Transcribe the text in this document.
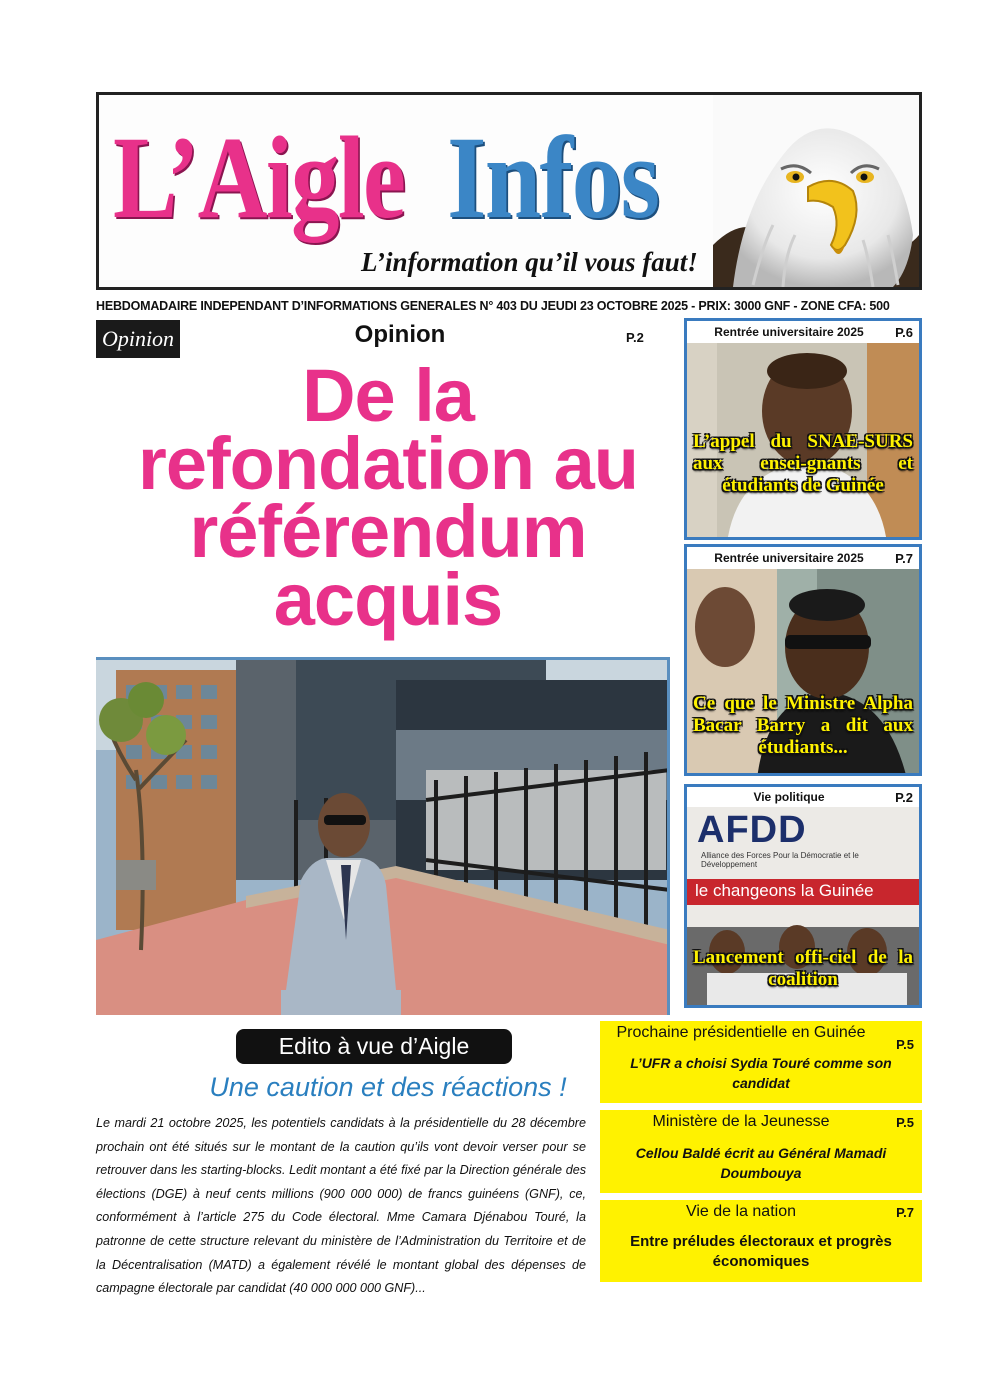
L’Aigle Infos
L’information qu’il vous faut!
HEBDOMADAIRE INDEPENDANT D’INFORMATIONS GENERALES N° 403 DU JEUDI 23 OCTOBRE 2025 - PRIX: 3000 GNF - ZONE CFA: 500
Opinion	Opinion	P.2
De la refondation au référendum acquis
Edito à vue d’Aigle
Une caution et des réactions !
Le mardi 21 octobre 2025, les potentiels candidats à la présidentielle du 28 décembre prochain ont été situés sur le montant de la caution qu’ils vont devoir verser pour se retrouver dans les starting-blocks. Ledit montant a été fixé par la Direction générale des élections (DGE) à neuf cents millions (900 000 000) de francs guinéens (GNF), ce, conformément à l’article 275 du Code électoral. Mme Camara Djénabou Touré, la patronne de cette structure relevant du ministère de l’Administration du Territoire et de la Décentralisation (MATD) a également révélé le montant global des dépenses de campagne électorale par candidat (40 000 000 000 GNF)...
Rentrée universitaire 2025	P.6
L’appel du SNAE-SURS aux ensei-gnants et étudiants de Guinée
Rentrée universitaire 2025	P.7
Ce que le Ministre Alpha Bacar Barry a dit aux étudiants...
AFDD
Alliance des Forces Pour la Démocratie et le Développement
le changeons la Guinée
Vie politique	P.2
Lancement offi-ciel de la coalition
Prochaine présidentielle en Guinée
P.5
L’UFR a choisi Sydia Touré comme son candidat
Ministère de la Jeunesse	P.5
Cellou Baldé écrit au Général Mamadi Doumbouya
Vie de la nation	P.7
Entre préludes électoraux et progrès économiques
